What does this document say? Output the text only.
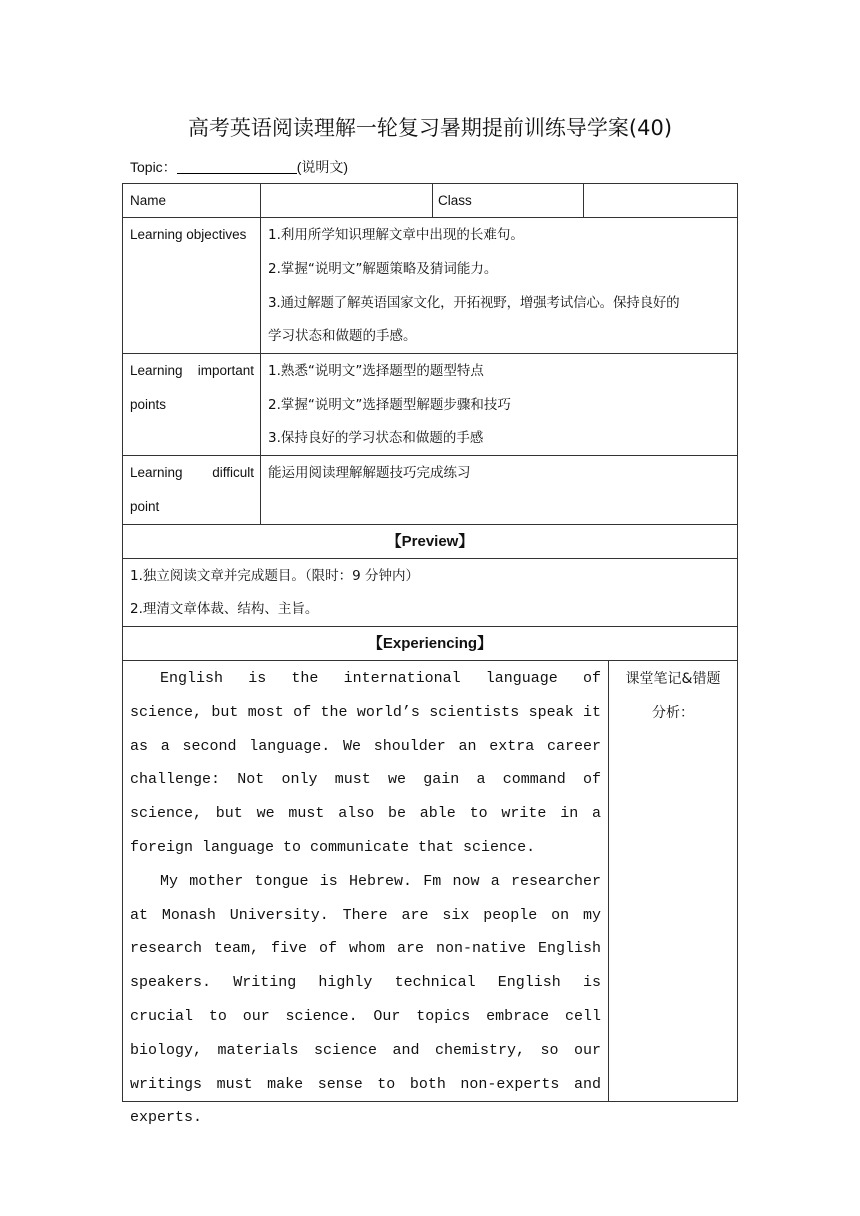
高考英语阅读理解一轮复习暑期提前训练导学案(40)
Topic：	(说明文)
Name	Class
Learning objectives 1.利用所学知识理解文章中出现的长难句。
2.掌握“说明文”解题策略及猜词能力。
3.通过解题了解英语国家文化，开拓视野，增强考试信心。保持良好的
学习状态和做题的手感。
Learning important
points
1.熟悉“说明文”选择题型的题型特点
2.掌握“说明文”选择题型解题步骤和技巧
3.保持良好的学习状态和做题的手感
Learning difficult
point
能运用阅读理解解题技巧完成练习
【Preview】
1.独立阅读文章并完成题目。（限时：9 分钟内）
2.理清文章体裁、结构、主旨。
【Experiencing】

English is the international language of science, but most of the world’s scientists speak it as a second language. We shoulder an extra career challenge: Not only must we gain a command of science, but we must also be able to write in a foreign language to communicate that science.

My mother tongue is Hebrew. Fm now a researcher at Monash University. There are six people on my research team, five of whom are non-native English speakers. Writing highly technical English is crucial to our science. Our topics embrace cell biology, materials science and chemistry, so our writings must make sense to both non-experts and experts.

课堂笔记&错题
分析：
